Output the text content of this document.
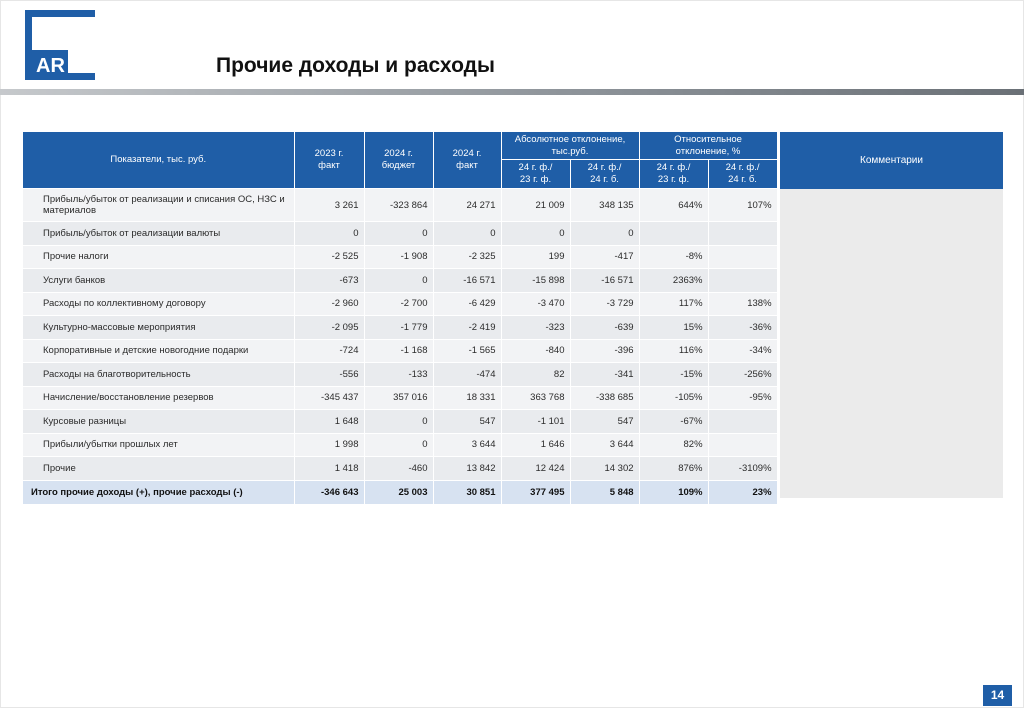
AR	Прочие доходы и расходы
Показатели, тыс. руб.	2023 г. факт	2024 г. бюджет	2024 г. факт	Абсолютное отклонение, тыс.руб.		Относительное отклонение, %	
				24 г. ф./ 23 г. ф.	24 г. ф./ 24 г. б.	24 г. ф./ 23 г. ф.	24 г. ф./ 24 г. б.
Прибыль/убыток от реализации и списания ОС, НЗС и материалов	3 261	-323 864	24 271	21 009	348 135	644%	107%
Прибыль/убыток от реализации валюты	0	0	0	0	0		
Прочие налоги	-2 525	-1 908	-2 325	199	-417	-8%	
Услуги банков	-673	0	-16 571	-15 898	-16 571	2363%	
Расходы по коллективному договору	-2 960	-2 700	-6 429	-3 470	-3 729	117%	138%
Культурно-массовые мероприятия	-2 095	-1 779	-2 419	-323	-639	15%	-36%
Корпоративные и детские новогодние подарки	-724	-1 168	-1 565	-840	-396	116%	-34%
Расходы на благотворительность	-556	-133	-474	82	-341	-15%	-256%
Начисление/восстановление резервов	-345 437	357 016	18 331	363 768	-338 685	-105%	-95%
Курсовые разницы	1 648	0	547	-1 101	547	-67%	
Прибыли/убытки прошлых лет	1 998	0	3 644	1 646	3 644	82%	
Прочие	1 418	-460	13 842	12 424	14 302	876%	-3109%
Итого прочие доходы (+), прочие расходы (-)	-346 643	25 003	30 851	377 495	5 848	109%	23%
Комментарии
14
